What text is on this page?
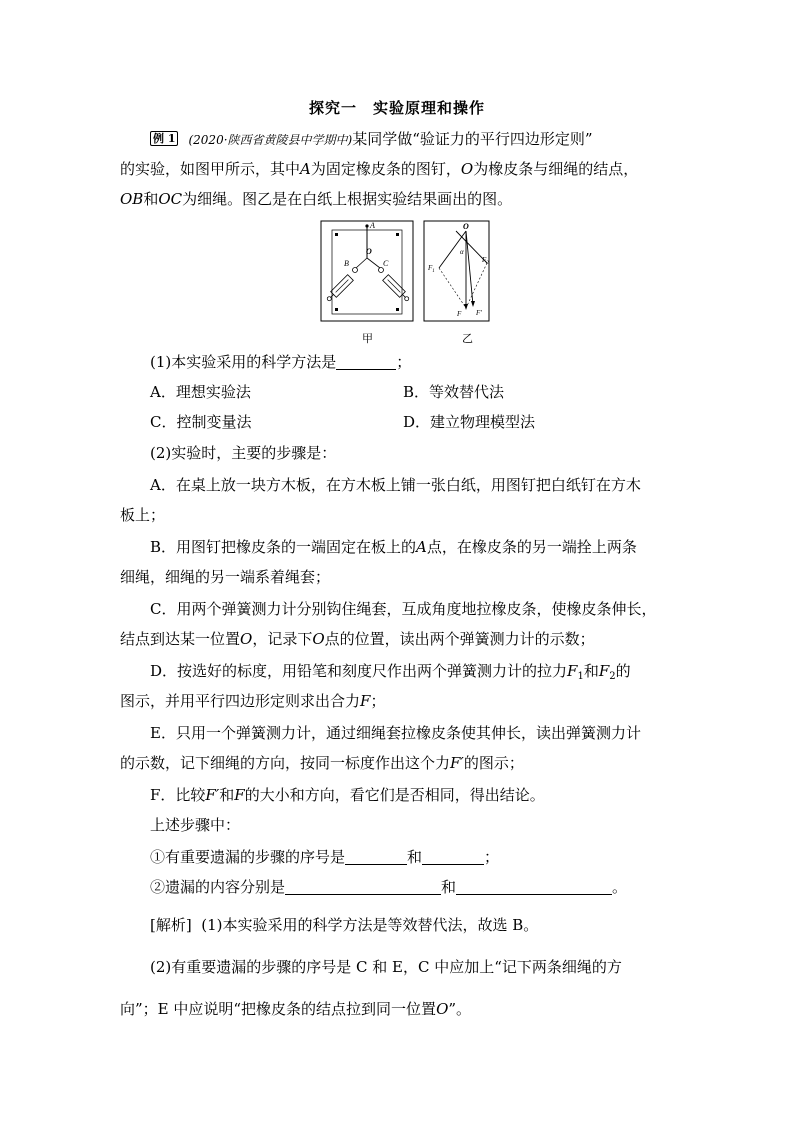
探究一　实验原理和操作
例 1 (2020·陕西省黄陵县中学期中)某同学做“验证力的平行四边形定则”
的实验，如图甲所示，其中A为固定橡皮条的图钉，O为橡皮条与细绳的结点，
OB和OC为细绳。图乙是在白纸上根据实验结果画出的图。
A
O
B	C
O
α
$F_1$
$F_2$
F F′
甲	乙
(1)本实验采用的科学方法是	；
A．理想实验法	B．等效替代法
C．控制变量法	D．建立物理模型法
(2)实验时，主要的步骤是：
A．在桌上放一块方木板，在方木板上铺一张白纸，用图钉把白纸钉在方木
板上；
B．用图钉把橡皮条的一端固定在板上的A点，在橡皮条的另一端拴上两条
细绳，细绳的另一端系着绳套；
C．用两个弹簧测力计分别钩住绳套，互成角度地拉橡皮条，使橡皮条伸长，
结点到达某一位置O，记录下O点的位置，读出两个弹簧测力计的示数；
D．按选好的标度，用铅笔和刻度尺作出两个弹簧测力计的拉力$F_1$和$F_2$的
图示，并用平行四边形定则求出合力F；
E．只用一个弹簧测力计，通过细绳套拉橡皮条使其伸长，读出弹簧测力计
的示数，记下细绳的方向，按同一标度作出这个力F′的图示；
F．比较F′和F的大小和方向，看它们是否相同，得出结论。
上述步骤中：
①有重要遗漏的步骤的序号是	和	；
②遗漏的内容分别是	和	。
[解析] (1)本实验采用的科学方法是等效替代法，故选 B。
(2)有重要遗漏的步骤的序号是 C 和 E，C 中应加上“记下两条细绳的方
向”；E 中应说明“把橡皮条的结点拉到同一位置O”。
